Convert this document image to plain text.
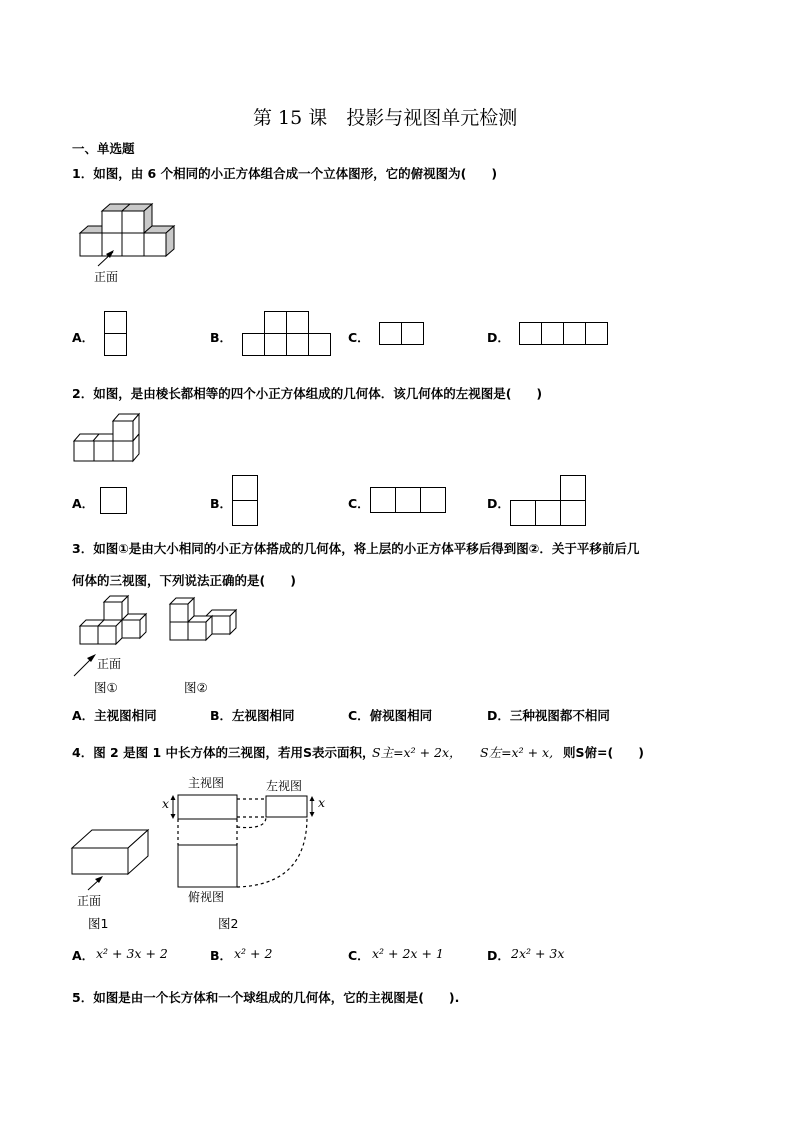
第 15 课　投影与视图单元检测
一、单选题
1．如图，由 6 个相同的小正方体组合成一个立体图形，它的俯视图为(　　)
正面
A．	B．	C．	D．
2．如图，是由棱长都相等的四个小正方体组成的几何体．该几何体的左视图是(　　)
A．	B．	C．	D．
3．如图①是由大小相同的小正方体搭成的几何体，将上层的小正方体平移后得到图②．关于平移前后几
何体的三视图，下列说法正确的是(　　)
正面
图①	图②
A．主视图相同	B．左视图相同	C．俯视图相同	D．三种视图都不相同
4．图 2 是图 1 中长方体的三视图，若用S表示面积，
S主=x² + 2x， S左=x² + x, 则S俯=(　　)
正面
图1
主视图	左视图
x	x
俯视图
图2
A． x² + 3x + 2	B． x² + 2	C． x² + 2x + 1	D． 2x² + 3x
5．如图是由一个长方体和一个球组成的几何体，它的主视图是(　　).
